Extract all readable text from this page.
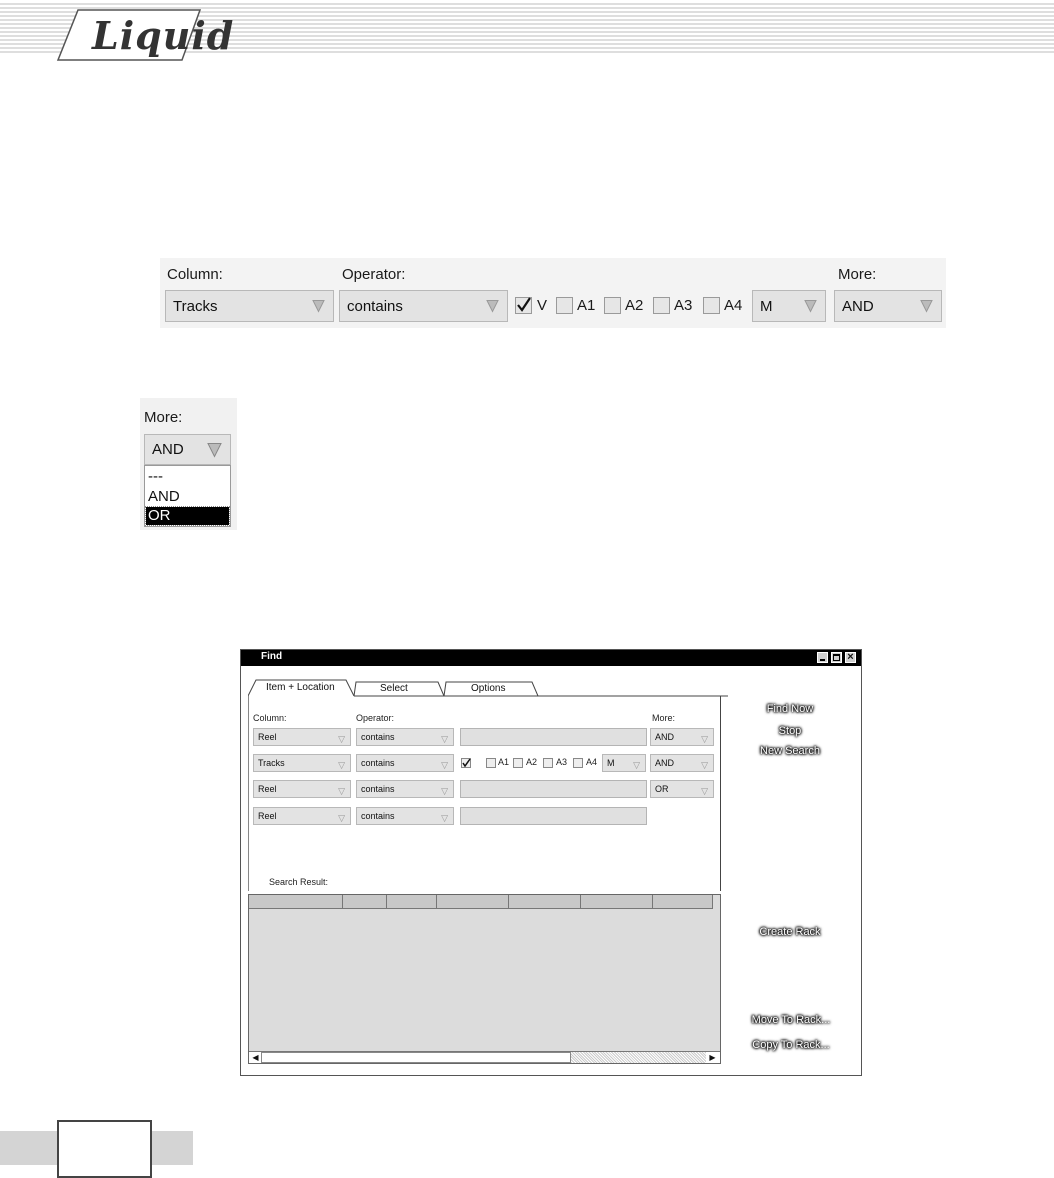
Liquid
Column:	Operator:	More:
Tracks	contains	V A1 A2 A3 A4 M	AND
More:
AND
---
AND
OR
Find	×
Item + Location	Select	Options
Column:	Operator:	More:
Reel	▽	contains	▽	AND	▽
Tracks	▽	contains	▽	A1 A2 A3 A4	M ▽	AND	▽
Reel	▽	contains	▽	OR	▽
Reel	▽	contains	▽
Search Result:
◀	▶
Find Now
Stop
New Search
Create Rack
Move To Rack...
Copy To Rack...
